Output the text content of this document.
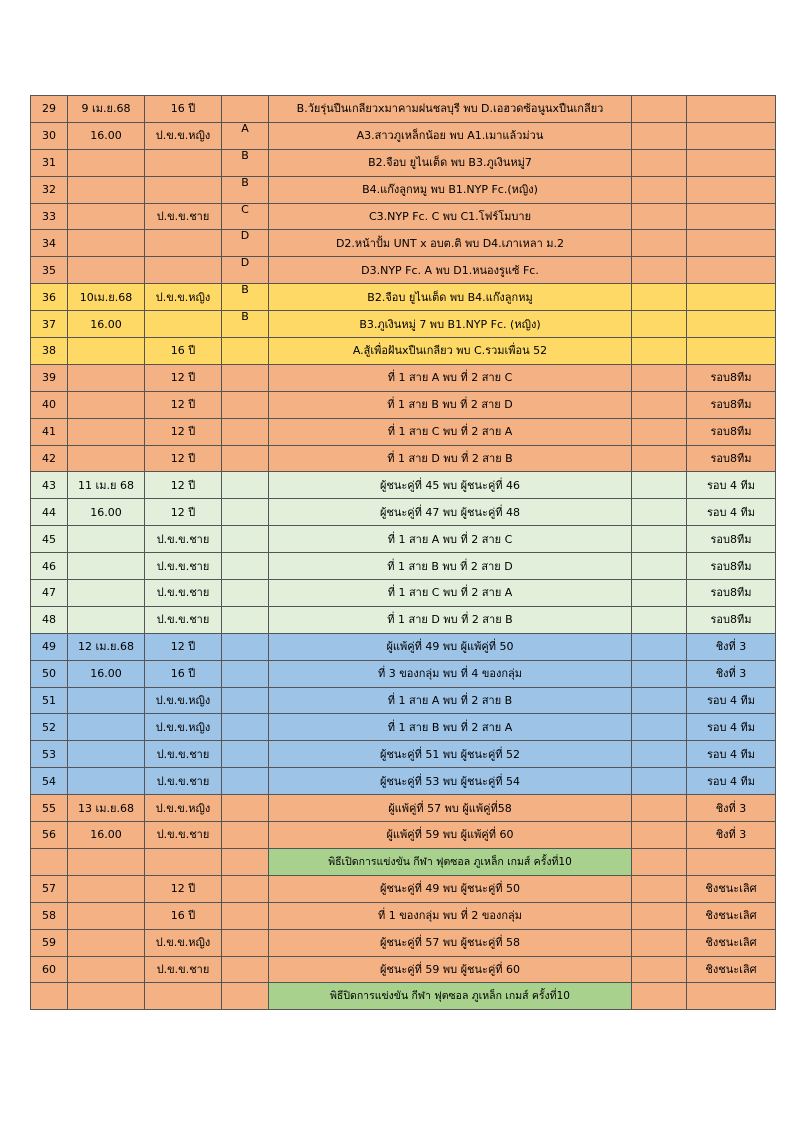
29	9 เม.ย.68	16 ปี		B.วัยรุ่นปืนเกลียวxมาคามฝนชลบุรี พบ D.เอฮวดซ้อนูนxปืนเกลียว		
30	16.00	ป.ข.ข.หญิง	A	A3.สาวภูเหล็กน้อย พบ A1.เมาแล้วม่วน		
31			B	B2.จือบ ยูไนเต็ด พบ B3.ภูเงินหมู่7		
32			B	B4.แก๊งลูกหมู พบ B1.NYP Fc.(หญิง)		
33		ป.ข.ข.ชาย	C	C3.NYP Fc. C พบ C1.โฟร์โมบาย		
34			D	D2.หน้าปั้ม UNT x อบต.ติ พบ D4.เภาเหลา ม.2		
35			D	D3.NYP Fc. A พบ D1.หนองรูแซ้ Fc.		
36	10เม.ย.68	ป.ข.ข.หญิง	B	B2.จือบ ยูไนเต็ด พบ B4.แก๊งลูกหมู		
37	16.00		B	B3.ภูเงินหมู่ 7 พบ B1.NYP Fc. (หญิง)		
38		16 ปี		A.สู้เพื่อฝันxปืนเกลียว พบ C.รวมเพื่อน 52		
39		12 ปี		ที่ 1 สาย A พบ ที่ 2 สาย C		รอบ8ทีม
40		12 ปี		ที่ 1 สาย B พบ ที่ 2 สาย D		รอบ8ทีม
41		12 ปี		ที่ 1 สาย C พบ ที่ 2 สาย A		รอบ8ทีม
42		12 ปี		ที่ 1 สาย D พบ ที่ 2 สาย B		รอบ8ทีม
43	11 เม.ย 68	12 ปี		ผู้ชนะคู่ที่ 45 พบ ผู้ชนะคู่ที่ 46		รอบ 4 ทีม
44	16.00	12 ปี		ผู้ชนะคู่ที่ 47 พบ ผู้ชนะคู่ที่ 48		รอบ 4 ทีม
45		ป.ข.ข.ชาย		ที่ 1 สาย A พบ ที่ 2 สาย C		รอบ8ทีม
46		ป.ข.ข.ชาย		ที่ 1 สาย B พบ ที่ 2 สาย D		รอบ8ทีม
47		ป.ข.ข.ชาย		ที่ 1 สาย C พบ ที่ 2 สาย A		รอบ8ทีม
48		ป.ข.ข.ชาย		ที่ 1 สาย D พบ ที่ 2 สาย B		รอบ8ทีม
49	12 เม.ย.68	12 ปี		ผู้แพ้คู่ที่ 49 พบ ผู้แพ้คู่ที่ 50		ชิงที่ 3
50	16.00	16 ปี		ที่ 3 ของกลุ่ม พบ ที่ 4 ของกลุ่ม		ชิงที่ 3
51		ป.ข.ข.หญิง		ที่ 1 สาย A พบ ที่ 2 สาย B		รอบ 4 ทีม
52		ป.ข.ข.หญิง		ที่ 1 สาย B พบ ที่ 2 สาย A		รอบ 4 ทีม
53		ป.ข.ข.ชาย		ผู้ชนะคู่ที่ 51 พบ ผู้ชนะคู่ที่ 52		รอบ 4 ทีม
54		ป.ข.ข.ชาย		ผู้ชนะคู่ที่ 53 พบ ผู้ชนะคู่ที่ 54		รอบ 4 ทีม
55	13 เม.ย.68	ป.ข.ข.หญิง		ผู้แพ้คู่ที่ 57 พบ ผู้แพ้คู่ที่58		ชิงที่ 3
56	16.00	ป.ข.ข.ชาย		ผู้แพ้คู่ที่ 59 พบ ผู้แพ้คู่ที่ 60		ชิงที่ 3
				พิธีเปิดการแข่งขัน กีฬา ฟุตซอล ภูเหล็ก เกมส์ ครั้งที่10		
57		12 ปี		ผู้ชนะคู่ที่ 49 พบ ผู้ชนะคู่ที่ 50		ชิงชนะเลิศ
58		16 ปี		ที่ 1 ของกลุ่ม พบ ที่ 2 ของกลุ่ม		ชิงชนะเลิศ
59		ป.ข.ข.หญิง		ผู้ชนะคู่ที่ 57 พบ ผู้ชนะคู่ที่ 58		ชิงชนะเลิศ
60		ป.ข.ข.ชาย		ผู้ชนะคู่ที่ 59 พบ ผู้ชนะคู่ที่ 60		ชิงชนะเลิศ
				พิธีปิดการแข่งขัน กีฬา ฟุตซอล ภูเหล็ก เกมส์ ครั้งที่10		
